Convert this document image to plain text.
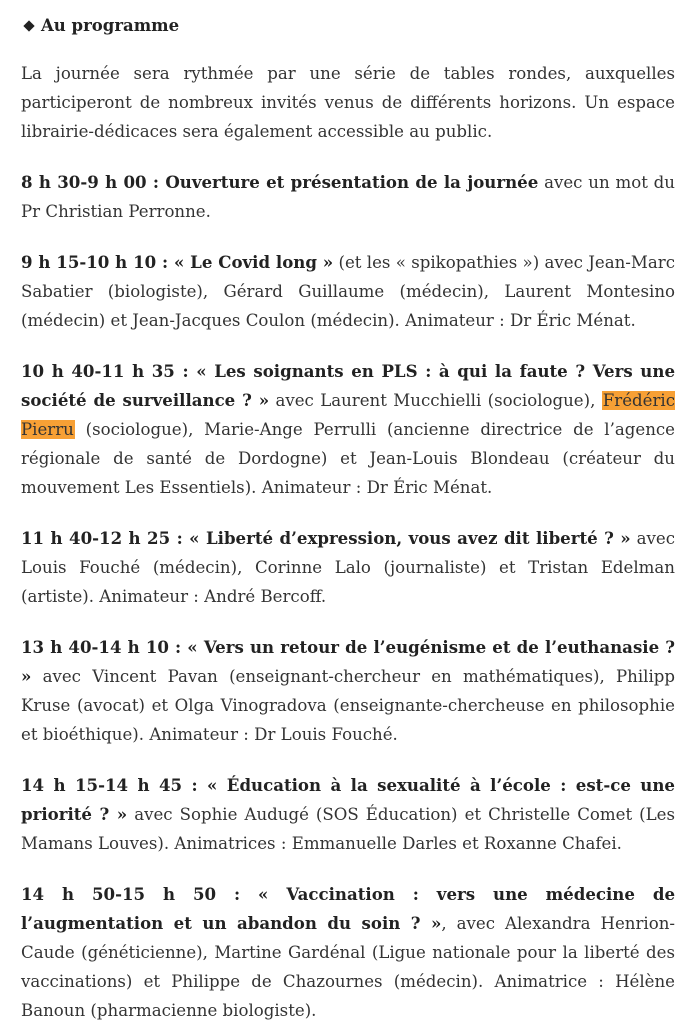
Au programme

La journée sera rythmée par une série de tables rondes, auxquelles participeront de nombreux invités venus de différents horizons. Un espace librairie-dédicaces sera également accessible au public.

8 h 30-9 h 00 : Ouverture et présentation de la journée avec un mot du Pr Christian Perronne.

9 h 15-10 h 10 : « Le Covid long » (et les « spikopathies ») avec Jean-Marc Sabatier (biologiste), Gérard Guillaume (médecin), Laurent Montesino (médecin) et Jean-Jacques Coulon (médecin). Animateur : Dr Éric Ménat.

10 h 40-11 h 35 : « Les soignants en PLS : à qui la faute ? Vers une société de surveillance ? » avec Laurent Mucchielli (sociologue), Frédéric Pierru (sociologue), Marie-Ange Perrulli (ancienne directrice de l’agence régionale de santé de Dordogne) et Jean-Louis Blondeau (créateur du mouvement Les Essentiels). Animateur : Dr Éric Ménat.

11 h 40-12 h 25 : « Liberté d’expression, vous avez dit liberté ? » avec Louis Fouché (médecin), Corinne Lalo (journaliste) et Tristan Edelman (artiste). Animateur : André Bercoff.

13 h 40-14 h 10 : « Vers un retour de l’eugénisme et de l’euthanasie ? » avec Vincent Pavan (enseignant-chercheur en mathématiques), Philipp Kruse (avocat) et Olga Vinogradova (enseignante-chercheuse en philosophie et bioéthique). Animateur : Dr Louis Fouché.

14 h 15-14 h 45 : « Éducation à la sexualité à l’école : est-ce une priorité ? » avec Sophie Audugé (SOS Éducation) et Christelle Comet (Les Mamans Louves). Animatrices : Emmanuelle Darles et Roxanne Chafei.

14 h 50-15 h 50 : « Vaccination : vers une médecine de l’augmentation et un abandon du soin ? », avec Alexandra Henrion-Caude (généticienne), Martine Gardénal (Ligue nationale pour la liberté des vaccinations) et Philippe de Chazournes (médecin). Animatrice : Hélène Banoun (pharmacienne biologiste).
